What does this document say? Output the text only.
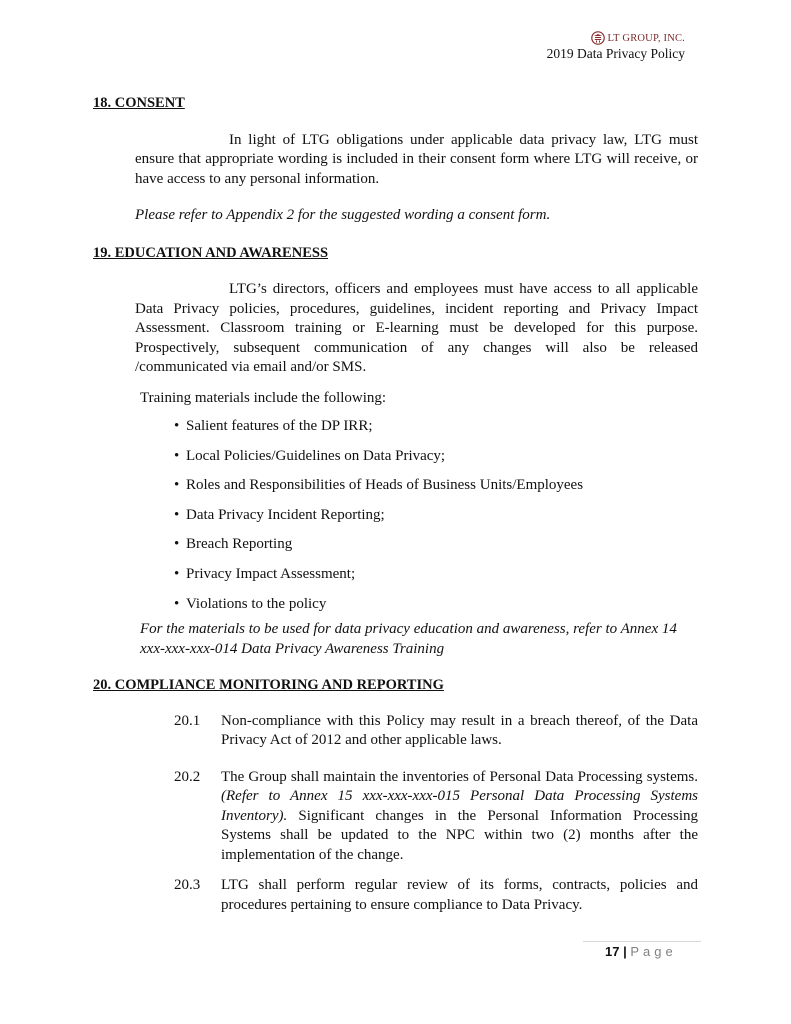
LT GROUP, INC.
2019 Data Privacy Policy
18. CONSENT

In light of LTG obligations under applicable data privacy law, LTG must ensure that appropriate wording is included in their consent form where LTG will receive, or have access to any personal information.

Please refer to Appendix 2 for the suggested wording a consent form.

19. EDUCATION AND AWARENESS

LTG’s directors, officers and employees must have access to all applicable Data Privacy policies, procedures, guidelines, incident reporting and Privacy Impact Assessment. Classroom training or E-learning must be developed for this purpose. Prospectively, subsequent communication of any changes will also be released /communicated via email and/or SMS.

Training materials include the following:

• Salient features of the DP IRR;
• Local Policies/Guidelines on Data Privacy;
• Roles and Responsibilities of Heads of Business Units/Employees
• Data Privacy Incident Reporting;
• Breach Reporting
• Privacy Impact Assessment;
• Violations to the policy

For the materials to be used for data privacy education and awareness, refer to Annex 14 xxx-xxx-xxx-014 Data Privacy Awareness Training

20. COMPLIANCE MONITORING AND REPORTING
20.1	Non-compliance with this Policy may result in a breach thereof, of the Data Privacy Act of 2012 and other applicable laws.
20.2	The Group shall maintain the inventories of Personal Data Processing systems. (Refer to Annex 15 xxx-xxx-xxx-015 Personal Data Processing Systems Inventory). Significant changes in the Personal Information Processing Systems shall be updated to the NPC within two (2) months after the implementation of the change.
20.3	LTG shall perform regular review of its forms, contracts, policies and procedures pertaining to ensure compliance to Data Privacy.
17 | Page
